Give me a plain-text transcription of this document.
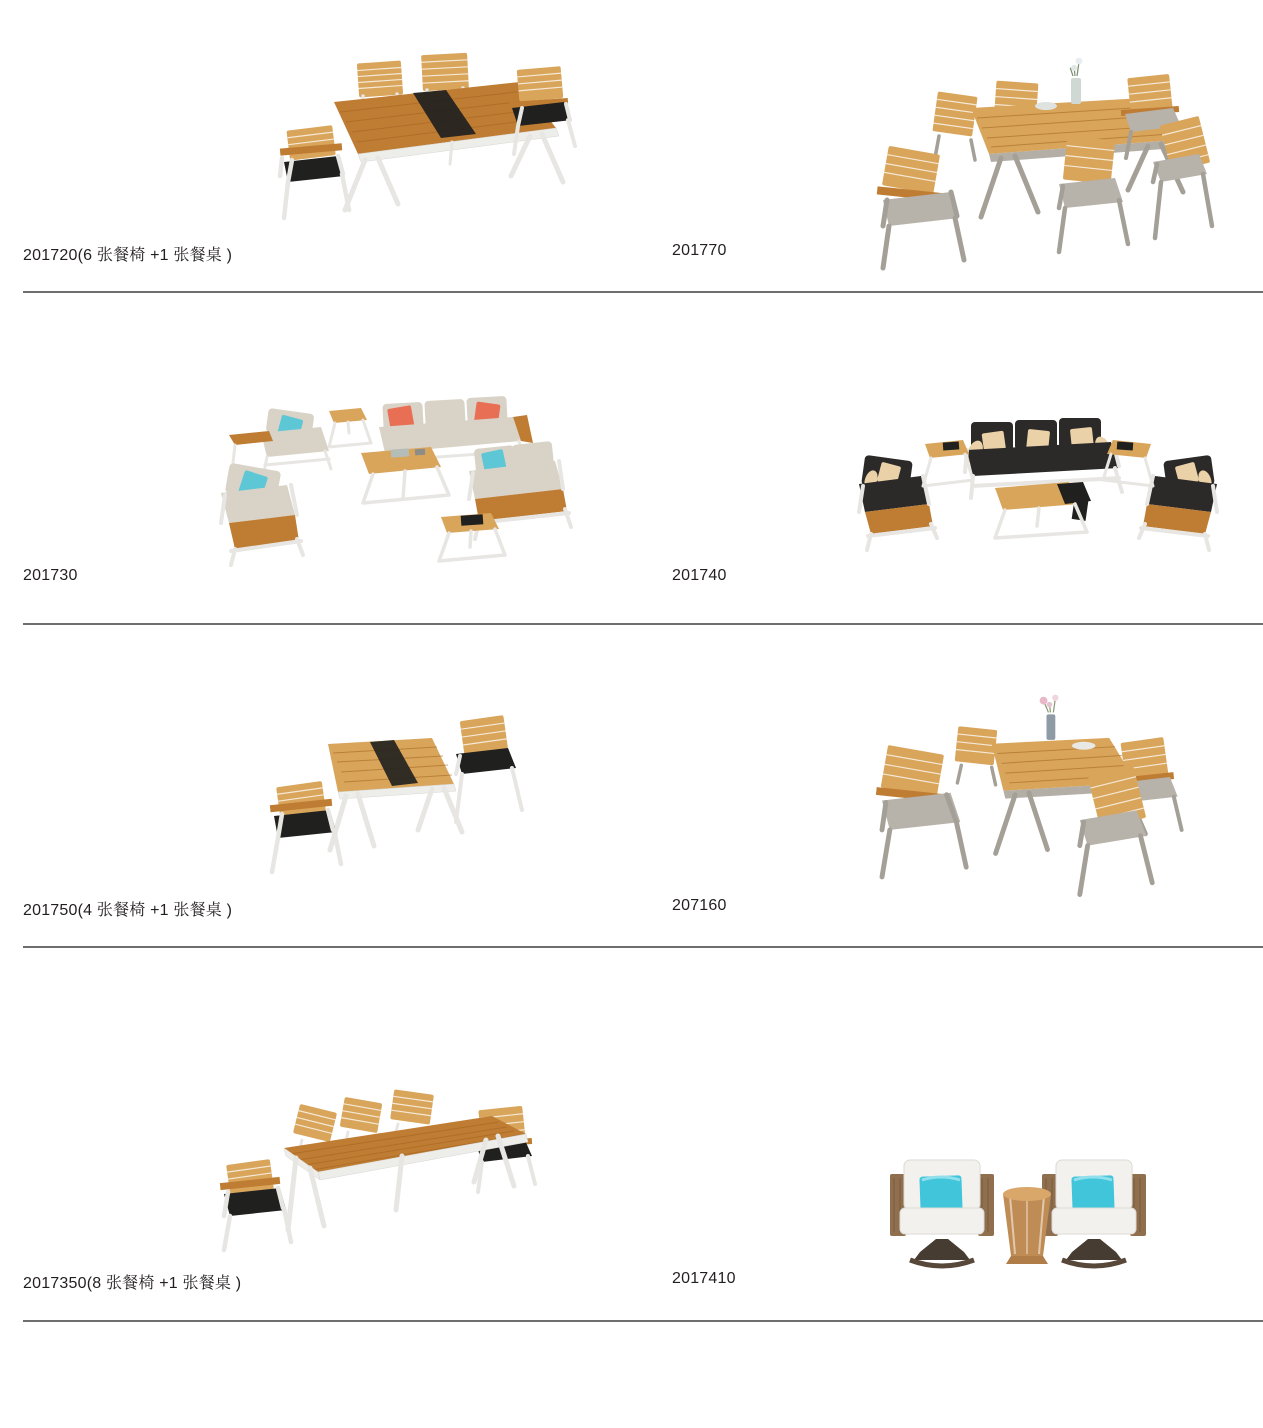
201720(6 张餐椅 +1 张餐桌 )	201770
201730	201740
201750(4 张餐椅 +1 张餐桌 )	207160
2017350(8 张餐椅 +1 张餐桌 )	2017410
